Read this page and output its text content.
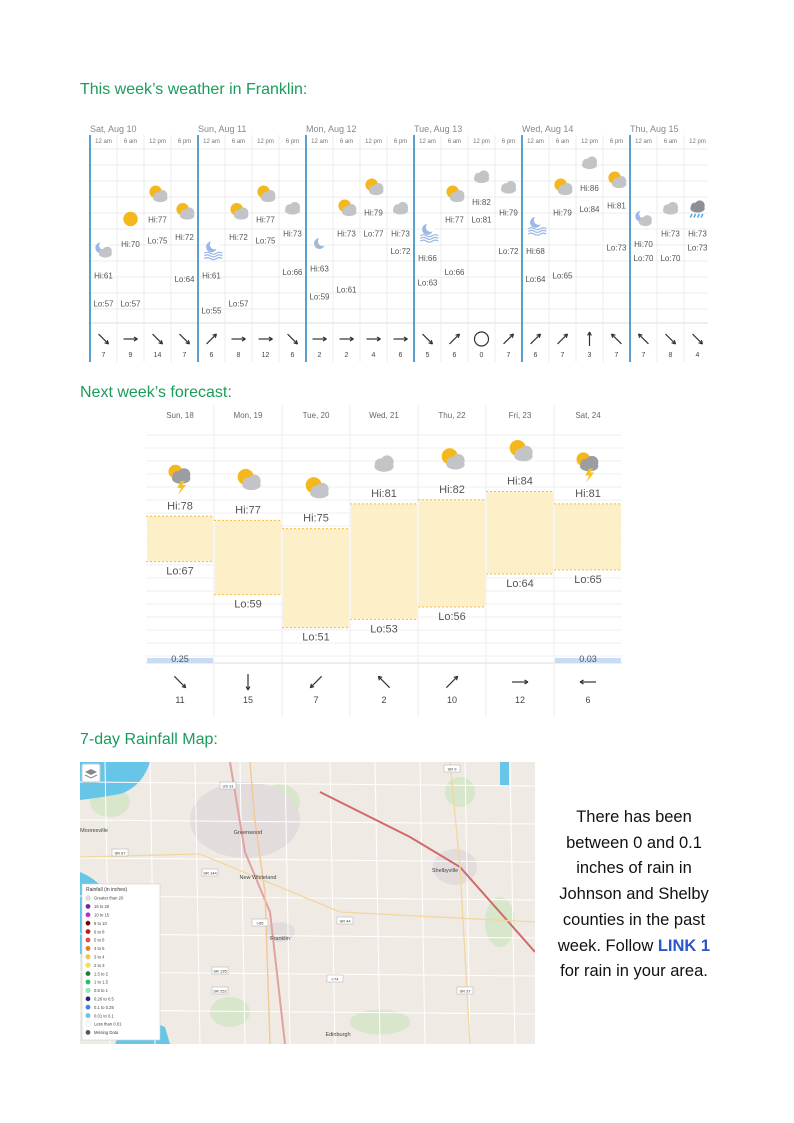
This week’s weather in Franklin:
Sat, Aug 10
12 am
Hi:61
Lo:57
7
6 am
Hi:70
Lo:57
9
12 pm
Hi:77
Lo:75
14
6 pm
Hi:72
Lo:64
7
Sun, Aug 11
12 am
Hi:61
Lo:55
6
6 am
Hi:72
Lo:57
8
12 pm
Hi:77
Lo:75
12
6 pm
Hi:73
Lo:66
6
Mon, Aug 12
12 am
Hi:63
Lo:59
2
6 am
Hi:73
Lo:61
2
12 pm
Hi:79
Lo:77
4
6 pm
Hi:73
Lo:72
6
Tue, Aug 13
12 am
Hi:66
Lo:63
5
6 am
Hi:77
Lo:66
6
12 pm
Hi:82
Lo:81
0
6 pm
Hi:79
Lo:72
7
Wed, Aug 14
12 am
Hi:68
Lo:64
6
6 am
Hi:79
Lo:65
7
12 pm
Hi:86
Lo:84
3
6 pm
Hi:81
Lo:73
7
Thu, Aug 15
12 am
Hi:70
Lo:70
7
6 am
Hi:73
Lo:70
8
12 pm
Hi:73
Lo:73
4
Next week’s forecast:
Sun, 18
Hi:78
Lo:67
0.25
11
Mon, 19
Hi:77
Lo:59
15
Tue, 20
Hi:75
Lo:51
7
Wed, 21
Hi:81
Lo:53
2
Thu, 22
Hi:82
Lo:56
10
Fri, 23
Hi:84
Lo:64
12
Sat, 24
Hi:81
Lo:65
0.03
6
7-day Rainfall Map:
Greenwood
New Whiteland
Franklin
Shelbyville
Edinburgh
Mooresville
I-65
SR 144
SR 44
SR 135
US 31
SR 9
SR 252
I-74
SR 37
SR 67
Rainfall (in inches)
Greater than 20
15 to 20
10 to 15
8 to 10
6 to 8
5 to 6
4 to 5
3 to 4
2 to 3
1.5 to 2
1 to 1.5
0.5 to 1
0.26 to 0.5
0.1 to 0.25
0.01 to 0.1
Less than 0.01
Missing Data
There has been between 0 and 0.1 inches of rain in Johnson and Shelby counties in the past week. Follow LINK 1 for rain in your area.
